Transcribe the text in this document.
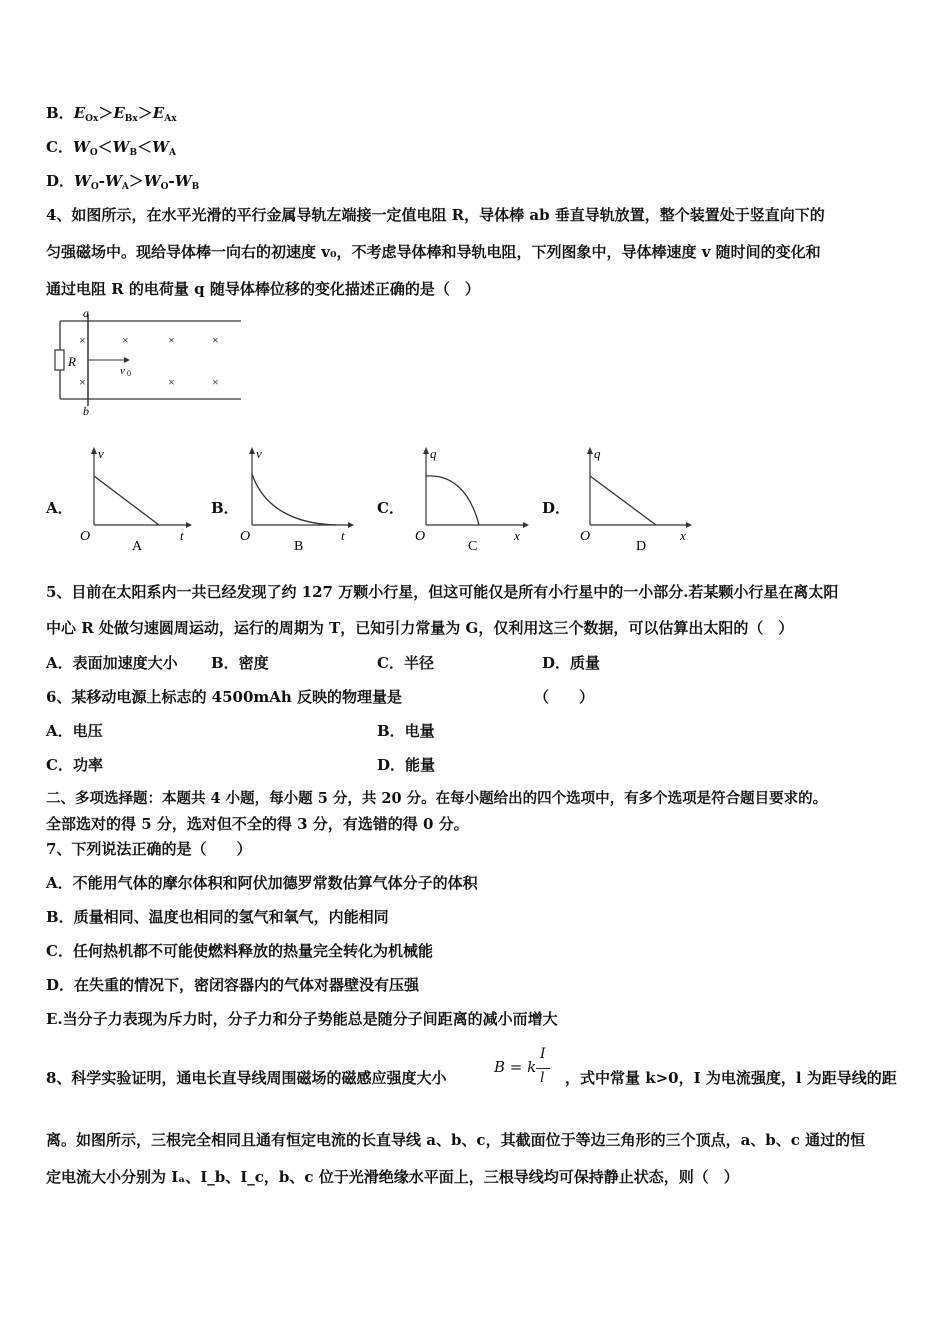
B．$E_{Ox}>E_{Bx}>E_{Ax}$
C．$W_O<W_B<W_A$
D．$W_O-W_A>W_O-W_B$
4、如图所示，在水平光滑的平行金属导轨左端接一定值电阻 R，导体棒 ab 垂直导轨放置，整个装置处于竖直向下的
匀强磁场中。现给导体棒一向右的初速度 v₀，不考虑导体棒和导轨电阻，下列图象中，导体棒速度 v 随时间的变化和
通过电阻 R 的电荷量 q 随导体棒位移的变化描述正确的是（　）
R
a
b
v 0
×	×	×	×
×	×	×
A．
v
t
O
A
B．
v
t
O
B
C．
q
x
O
C
D．
q
x
O
D
5、目前在太阳系内一共已经发现了约 127 万颗小行星，但这可能仅是所有小行星中的一小部分.若某颗小行星在离太阳
中心 R 处做匀速圆周运动，运行的周期为 T，已知引力常量为 G，仅利用这三个数据，可以估算出太阳的（　）
A．表面加速度大小 B．密度	C．半径	D．质量
6、某移动电源上标志的 4500mAh 反映的物理量是	（　　）
A．电压	B．电量
C．功率	D．能量
二、多项选择题：本题共 4 小题，每小题 5 分，共 20 分。在每小题给出的四个选项中，有多个选项是符合题目要求的。
全部选对的得 5 分，选对但不全的得 3 分，有选错的得 0 分。
7、下列说法正确的是（　　）
A．不能用气体的摩尔体积和阿伏加德罗常数估算气体分子的体积
B．质量相同、温度也相同的氢气和氧气，内能相同
C．任何热机都不可能使燃料释放的热量完全转化为机械能
D．在失重的情况下，密闭容器内的气体对器壁没有压强
E.当分子力表现为斥力时，分子力和分子势能总是随分子间距离的减小而增大
8、科学实验证明，通电长直导线周围磁场的磁感应强度大小
B = k
I
l ，式中常量 k>0，I 为电流强度，l 为距导线的距
离。如图所示，三根完全相同且通有恒定电流的长直导线 a、b、c，其截面位于等边三角形的三个顶点，a、b、c 通过的恒
定电流大小分别为 Iₐ、I_b、I_c，b、c 位于光滑绝缘水平面上，三根导线均可保持静止状态，则（　）
